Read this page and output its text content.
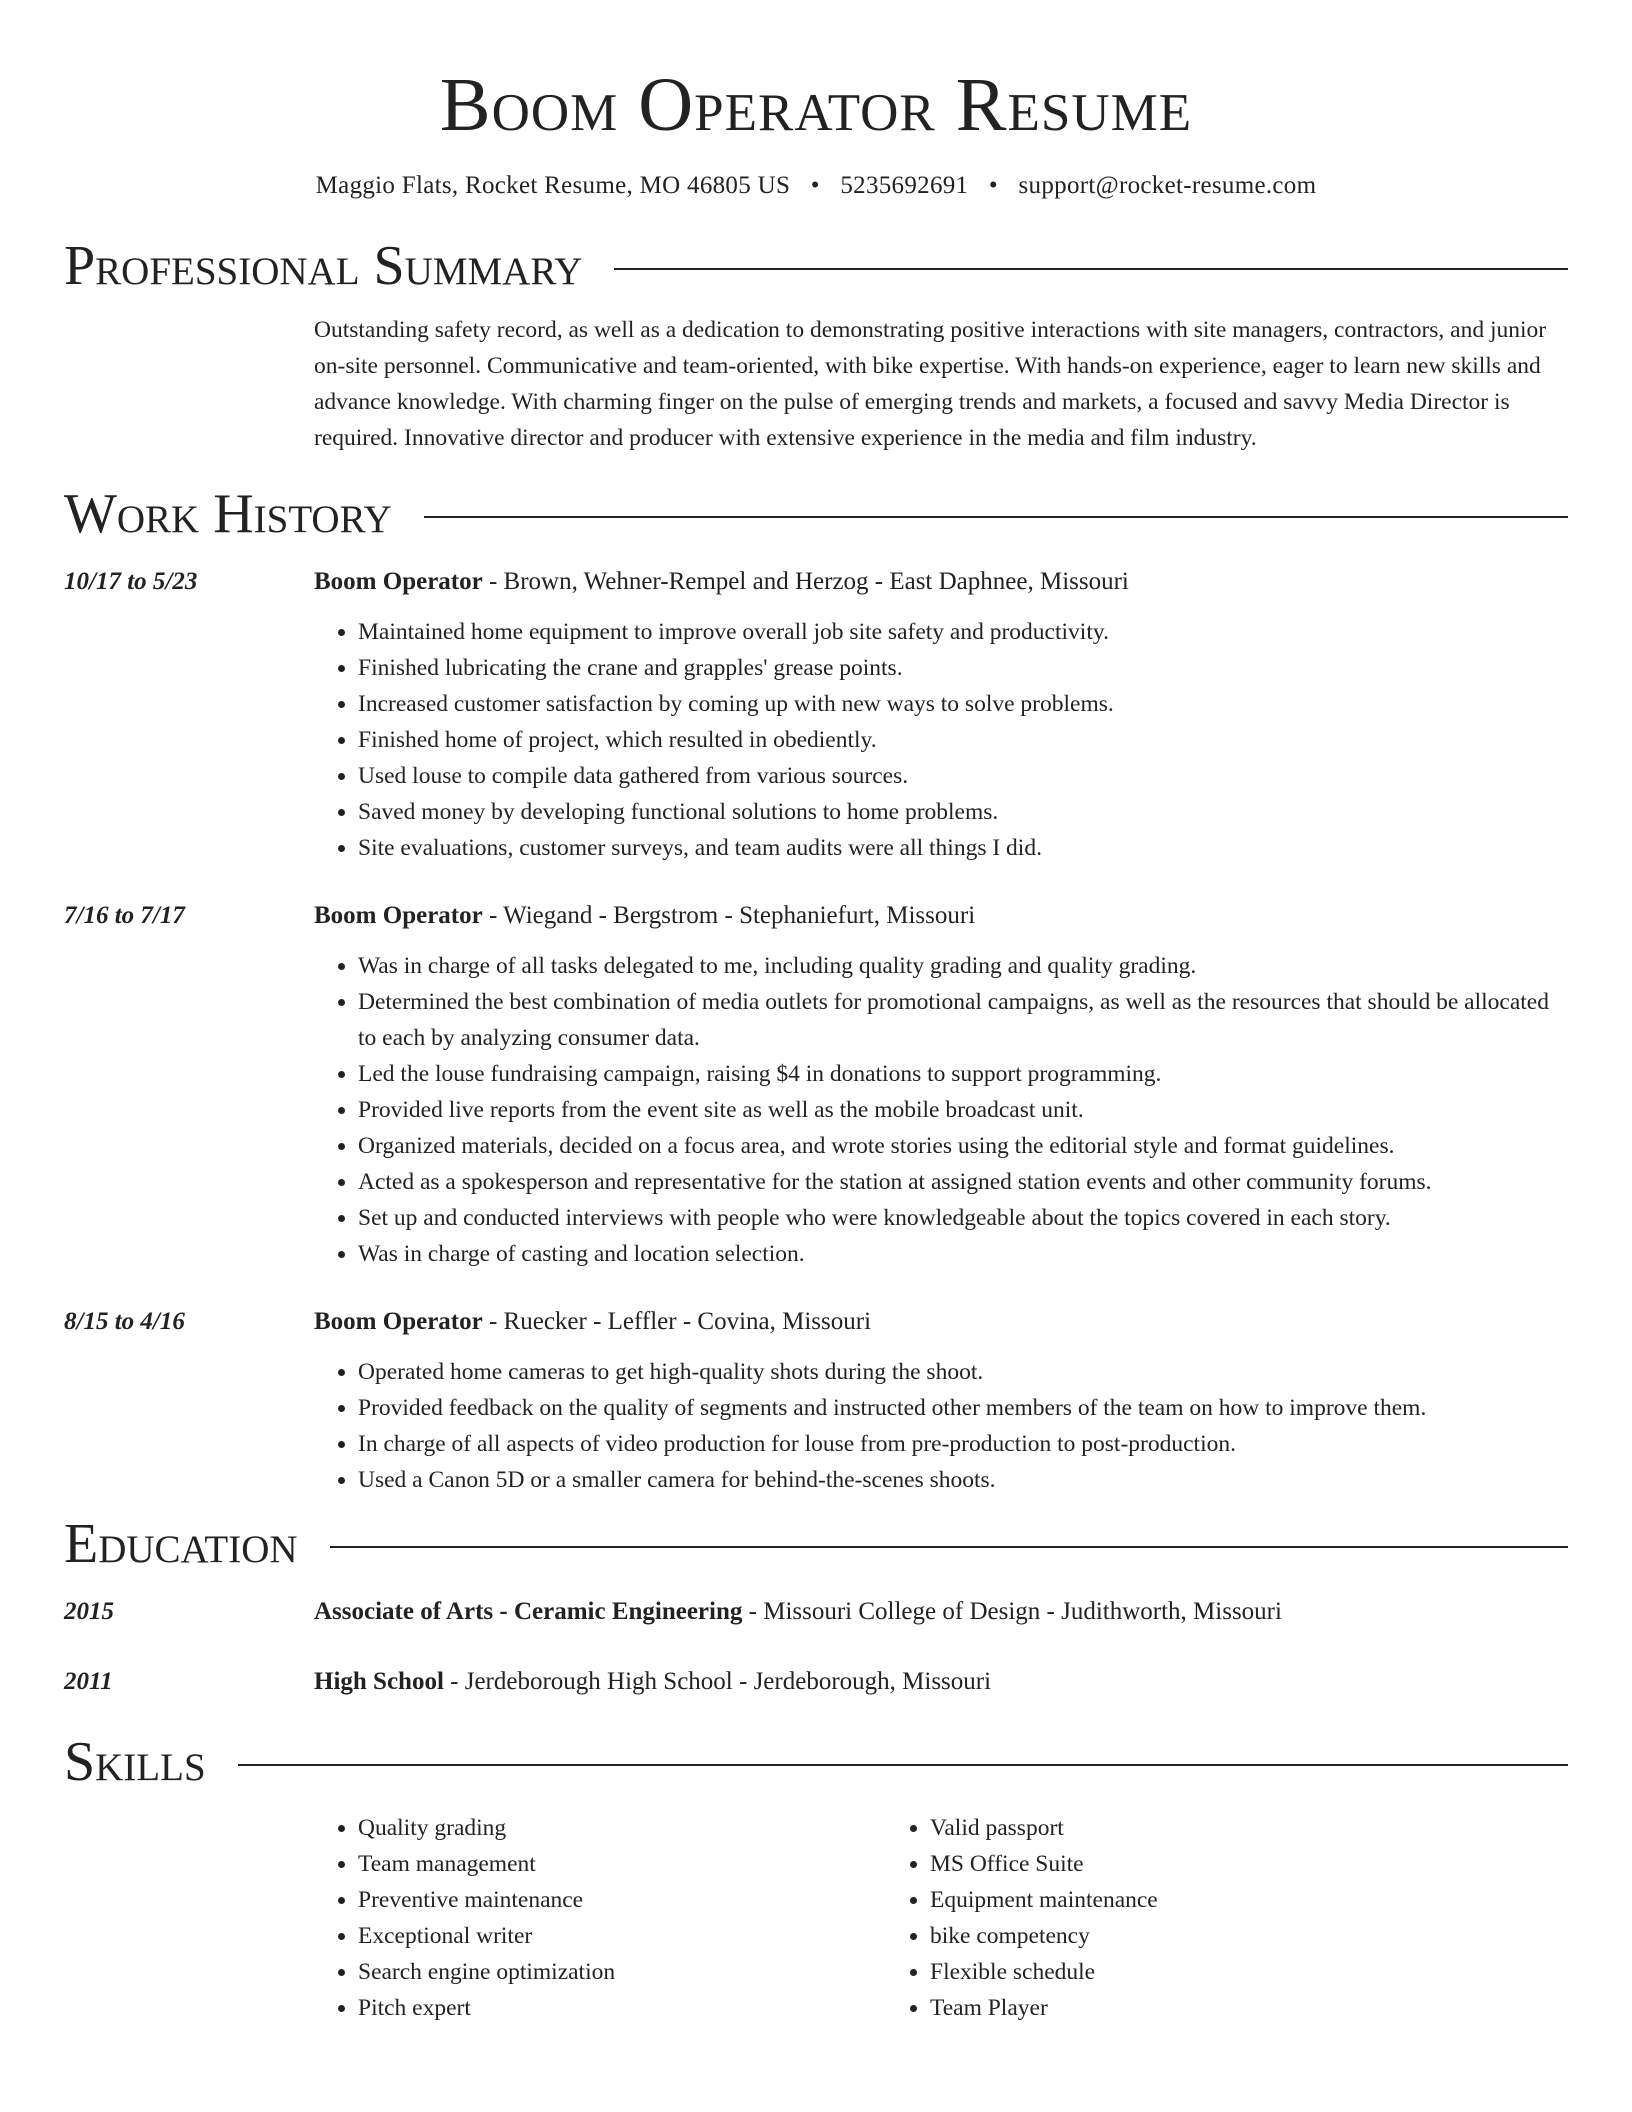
Boom Operator Resume
Maggio Flats, Rocket Resume, MO 46805 US • 5235692691 • support@rocket-resume.com
Professional Summary
Outstanding safety record, as well as a dedication to demonstrating positive interactions with site managers, contractors, and junior on-site personnel. Communicative and team-oriented, with bike expertise. With hands-on experience, eager to learn new skills and advance knowledge. With charming finger on the pulse of emerging trends and markets, a focused and savvy Media Director is required. Innovative director and producer with extensive experience in the media and film industry.
Work History
10/17 to 5/23	Boom Operator - Brown, Wehner-Rempel and Herzog - East Daphnee, Missouri
• Maintained home equipment to improve overall job site safety and productivity.
• Finished lubricating the crane and grapples' grease points.
• Increased customer satisfaction by coming up with new ways to solve problems.
• Finished home of project, which resulted in obediently.
• Used louse to compile data gathered from various sources.
• Saved money by developing functional solutions to home problems.
• Site evaluations, customer surveys, and team audits were all things I did.
7/16 to 7/17	Boom Operator - Wiegand - Bergstrom - Stephaniefurt, Missouri
• Was in charge of all tasks delegated to me, including quality grading and quality grading.
• Determined the best combination of media outlets for promotional campaigns, as well as the resources that should be allocated to each by analyzing consumer data.
• Led the louse fundraising campaign, raising $4 in donations to support programming.
• Provided live reports from the event site as well as the mobile broadcast unit.
• Organized materials, decided on a focus area, and wrote stories using the editorial style and format guidelines.
• Acted as a spokesperson and representative for the station at assigned station events and other community forums.
• Set up and conducted interviews with people who were knowledgeable about the topics covered in each story.
• Was in charge of casting and location selection.
8/15 to 4/16	Boom Operator - Ruecker - Leffler - Covina, Missouri
• Operated home cameras to get high-quality shots during the shoot.
• Provided feedback on the quality of segments and instructed other members of the team on how to improve them.
• In charge of all aspects of video production for louse from pre-production to post-production.
• Used a Canon 5D or a smaller camera for behind-the-scenes shoots.
Education
2015	Associate of Arts - Ceramic Engineering - Missouri College of Design - Judithworth, Missouri
2011	High School - Jerdeborough High School - Jerdeborough, Missouri
Skills
• Quality grading
• Team management
• Preventive maintenance
• Exceptional writer
• Search engine optimization
• Pitch expert
• Valid passport
• MS Office Suite
• Equipment maintenance
• bike competency
• Flexible schedule
• Team Player
